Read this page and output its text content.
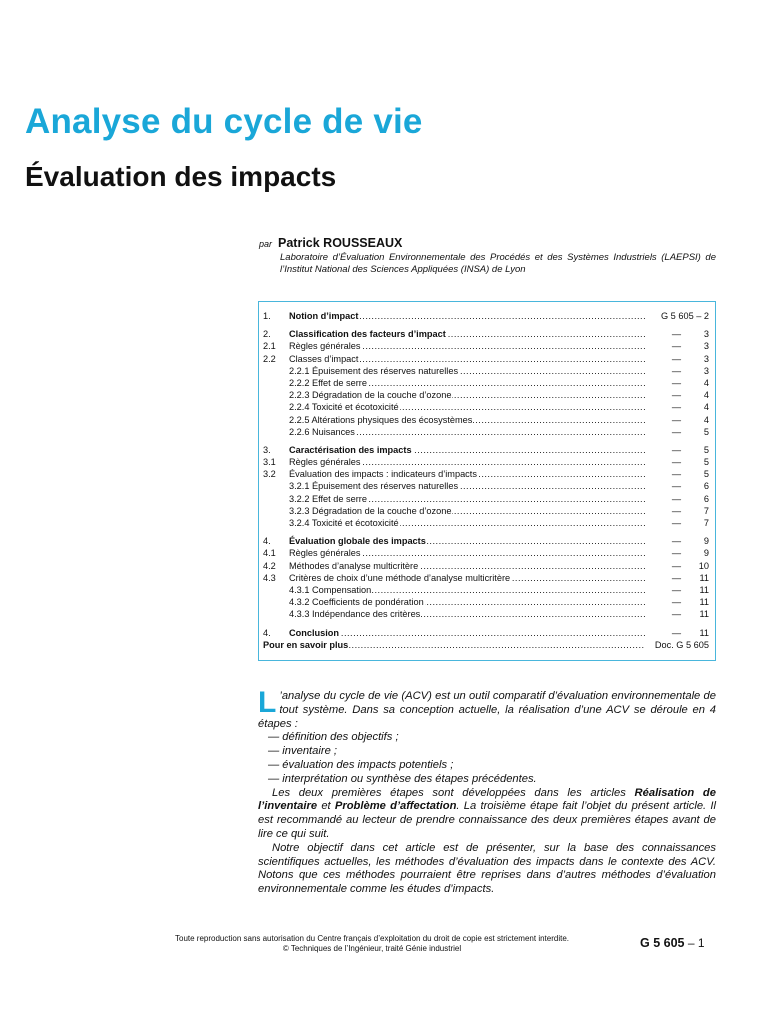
Analyse du cycle de vie
Évaluation des impacts
par Patrick ROUSSEAUX
Laboratoire d’Évaluation Environnementale des Procédés et des Systèmes Industriels (LAEPSI) de l’Institut National des Sciences Appliquées (INSA) de Lyon
1.	Notion d’impact .....	G 5 605 – 2
2.	Classification des facteurs d’impact .....	—	3
2.1	Règles générales .....	—	3
2.2	Classes d’impact .....	—	3
2.2.1 Épuisement des réserves naturelles .....	—	3
2.2.2 Effet de serre .....	—	4
2.2.3 Dégradation de la couche d’ozone .....	—	4
2.2.4 Toxicité et écotoxicité .....	—	4
2.2.5 Altérations physiques des écosystèmes .....	—	4
2.2.6 Nuisances .....	—	5
3.	Caractérisation des impacts .....	—	5
3.1	Règles générales .....	—	5
3.2	Évaluation des impacts : indicateurs d’impacts .....	—	5
3.2.1 Épuisement des réserves naturelles .....	—	6
3.2.2 Effet de serre .....	—	6
3.2.3 Dégradation de la couche d’ozone .....	—	7
3.2.4 Toxicité et écotoxicité .....	—	7
4.	Évaluation globale des impacts .....	—	9
4.1	Règles générales .....	—	9
4.2	Méthodes d’analyse multicritère .....	—	10
4.3	Critères de choix d’une méthode d’analyse multicritère .....	—	11
4.3.1 Compensation .....	—	11
4.3.2 Coefficients de pondération .....	—	11
4.3.3 Indépendance des critères .....	—	11
4.	Conclusion .....	—	11
Pour en savoir plus .....	Doc. G 5 605

L ’analyse du cycle de vie (ACV) est un outil comparatif d’évaluation environnementale de tout système. Dans sa conception actuelle, la réalisation d’une ACV se déroule en 4 étapes :

— définition des objectifs ;
— inventaire ;
— évaluation des impacts potentiels ;
— interprétation ou synthèse des étapes précédentes.

Les deux premières étapes sont développées dans les articles Réalisation de l’inventaire et Problème d’affectation. La troisième étape fait l’objet du présent article. Il est recommandé au lecteur de prendre connaissance des deux premières étapes avant de lire ce qui suit.

Notre objectif dans cet article est de présenter, sur la base des connaissances scientifiques actuelles, les méthodes d’évaluation des impacts dans le contexte des ACV. Notons que ces méthodes pourraient être reprises dans d’autres méthodes d’évaluation environnementale comme les études d’impacts.

Toute reproduction sans autorisation du Centre français d’exploitation du droit de copie est strictement interdite.
© Techniques de l’Ingénieur, traité Génie industriel	G 5 605 – 1
